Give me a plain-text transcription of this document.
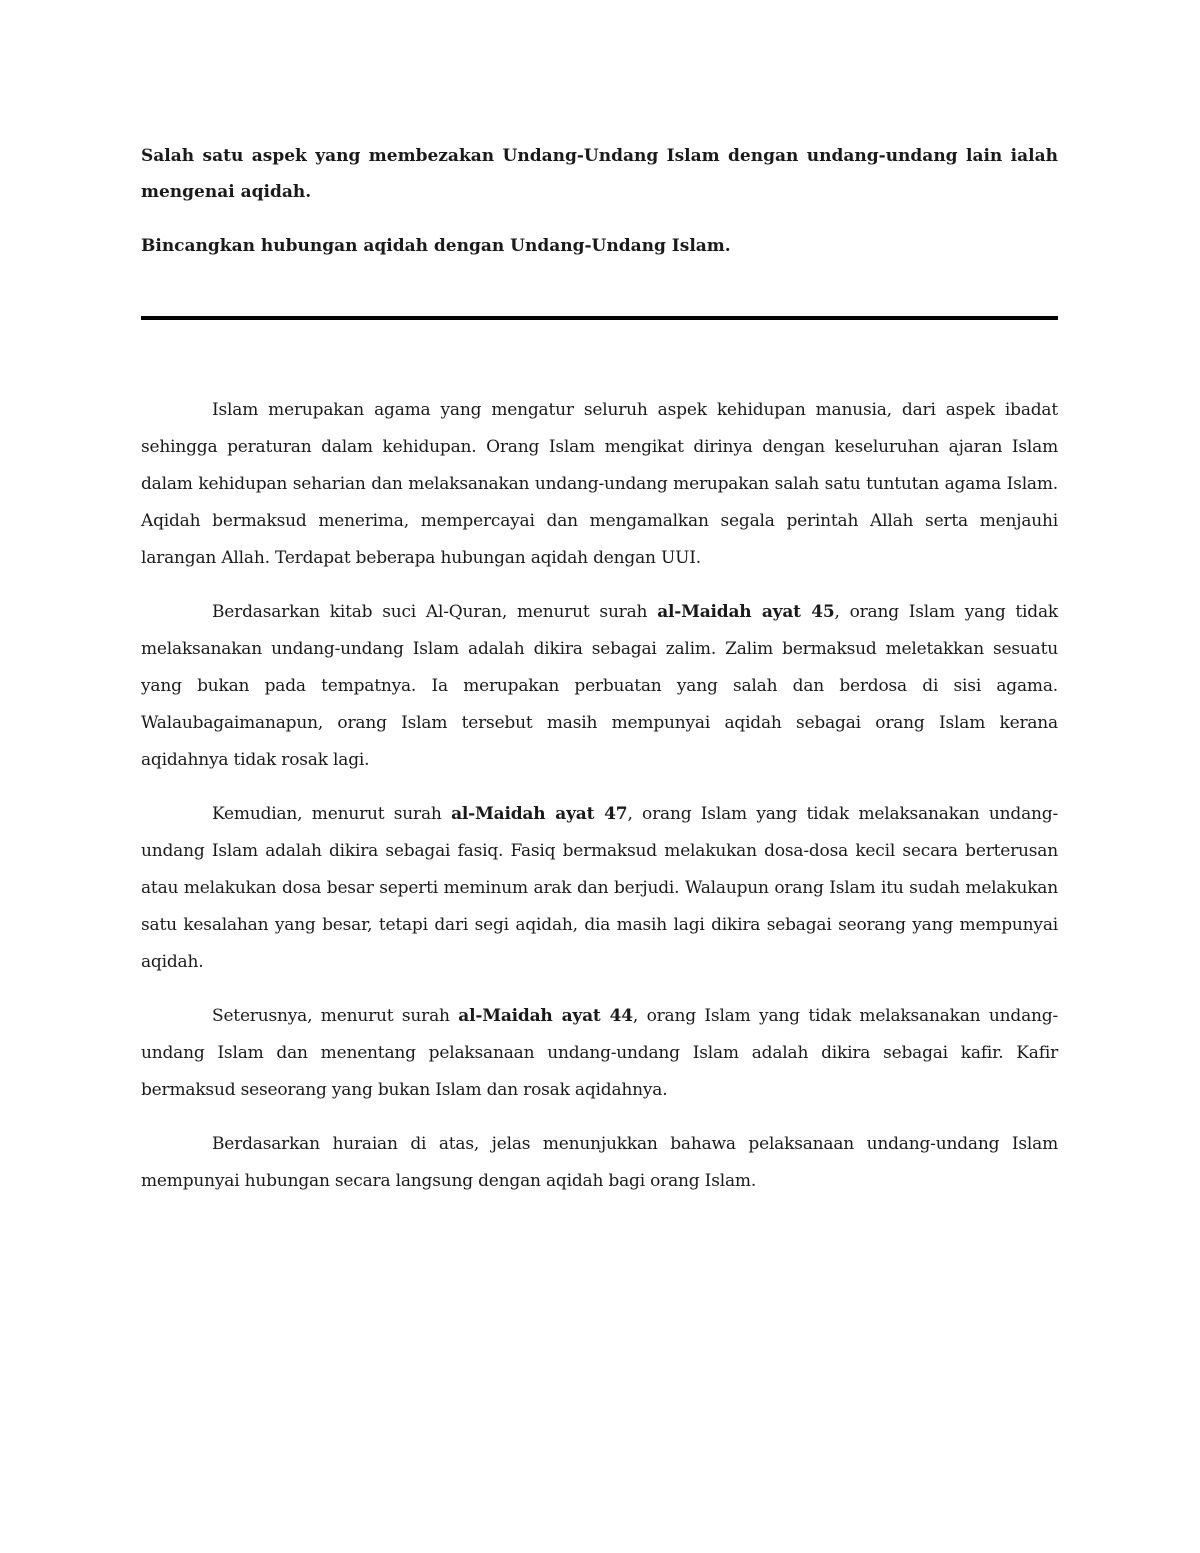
Salah satu aspek yang membezakan Undang-Undang Islam dengan undang-undang lain ialah mengenai aqidah.

Bincangkan hubungan aqidah dengan Undang-Undang Islam.

Islam merupakan agama yang mengatur seluruh aspek kehidupan manusia, dari aspek ibadat sehingga peraturan dalam kehidupan. Orang Islam mengikat dirinya dengan keseluruhan ajaran Islam dalam kehidupan seharian dan melaksanakan undang-undang merupakan salah satu tuntutan agama Islam. Aqidah bermaksud menerima, mempercayai dan mengamalkan segala perintah Allah serta menjauhi larangan Allah. Terdapat beberapa hubungan aqidah dengan UUI.

Berdasarkan kitab suci Al-Quran, menurut surah al-Maidah ayat 45, orang Islam yang tidak melaksanakan undang-undang Islam adalah dikira sebagai zalim. Zalim bermaksud meletakkan sesuatu yang bukan pada tempatnya. Ia merupakan perbuatan yang salah dan berdosa di sisi agama. Walaubagaimanapun, orang Islam tersebut masih mempunyai aqidah sebagai orang Islam kerana aqidahnya tidak rosak lagi.

Kemudian, menurut surah al-Maidah ayat 47, orang Islam yang tidak melaksanakan undang-undang Islam adalah dikira sebagai fasiq. Fasiq bermaksud melakukan dosa-dosa kecil secara berterusan atau melakukan dosa besar seperti meminum arak dan berjudi. Walaupun orang Islam itu sudah melakukan satu kesalahan yang besar, tetapi dari segi aqidah, dia masih lagi dikira sebagai seorang yang mempunyai aqidah.

Seterusnya, menurut surah al-Maidah ayat 44, orang Islam yang tidak melaksanakan undang-undang Islam dan menentang pelaksanaan undang-undang Islam adalah dikira sebagai kafir. Kafir bermaksud seseorang yang bukan Islam dan rosak aqidahnya.

Berdasarkan huraian di atas, jelas menunjukkan bahawa pelaksanaan undang-undang Islam mempunyai hubungan secara langsung dengan aqidah bagi orang Islam.
